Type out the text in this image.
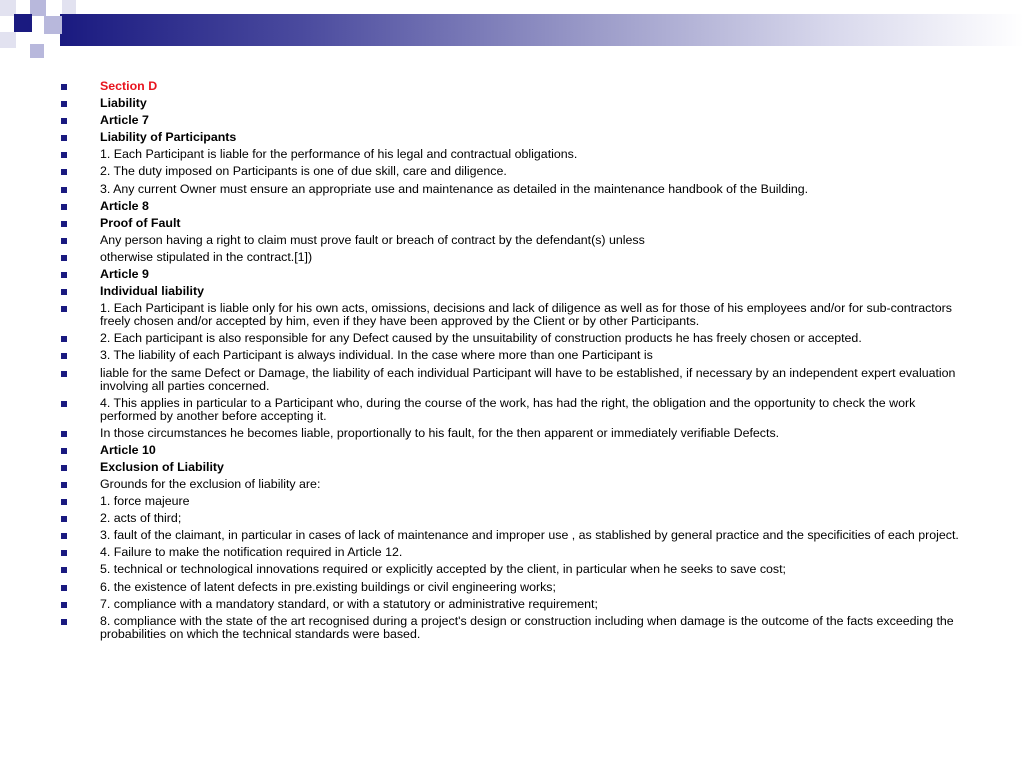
Section D
Liability
Article 7
Liability of Participants
1. Each Participant is liable for the performance of his legal and contractual obligations.
2. The duty imposed on Participants is one of due skill, care and diligence.
3. Any current Owner must ensure an appropriate use and maintenance as detailed in the maintenance handbook of the Building.
Article 8
Proof of Fault
Any person having a right to claim must prove fault or breach of contract by the defendant(s) unless
otherwise stipulated in the contract.[1])
Article 9
Individual liability
1. Each Participant is liable only for his own acts, omissions, decisions and lack of diligence as well as for those of his employees and/or for sub-contractors freely chosen and/or accepted by him, even if they have been approved by the Client or by other Participants.
2. Each participant is also responsible for any Defect caused by the unsuitability of construction products he has freely chosen or accepted.
3. The liability of each Participant is always individual. In the case where more than one Participant is
liable for the same Defect or Damage, the liability of each individual Participant will have to be established, if necessary by an independent expert evaluation involving all parties concerned.
4. This applies in particular to a Participant who, during the course of the work, has had the right, the obligation and the opportunity to check the work performed by another before accepting it.
In those circumstances he becomes liable, proportionally to his fault, for the then apparent or immediately verifiable Defects.
Article 10
Exclusion of Liability
Grounds for the exclusion of liability are:
1. force majeure
2. acts of third;
3. fault of the claimant, in particular in cases of lack of maintenance and improper use , as stablished by general practice and the specificities of each project.
4. Failure to make the notification required in Article 12.
5. technical or technological innovations required or explicitly accepted by the client, in particular when he seeks to save cost;
6. the existence of latent defects in pre.existing buildings or civil engineering works;
7. compliance with a mandatory standard, or with a statutory or administrative requirement;
8. compliance with the state of the art recognised during a project's design or construction including when damage is the outcome of the facts exceeding the probabilities on which the technical standards were based.
